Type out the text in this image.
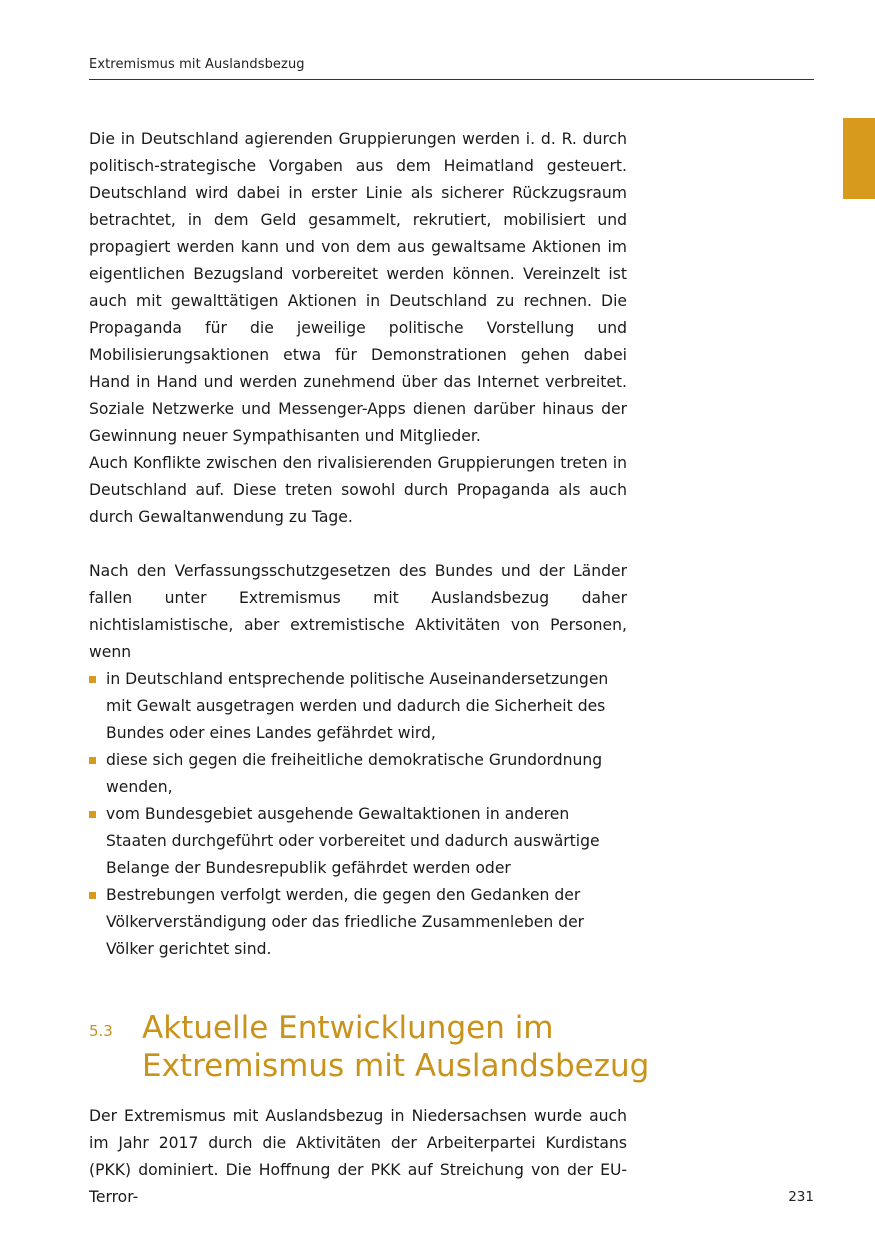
Extremismus mit Auslandsbezug

Die in Deutschland agierenden Gruppierungen werden i. d. R. durch politisch-strategische Vorgaben aus dem Heimatland gesteuert. Deutschland wird dabei in erster Linie als sicherer Rückzugsraum betrachtet, in dem Geld gesammelt, rekrutiert, mobilisiert und propagiert werden kann und von dem aus gewaltsame Aktionen im eigentlichen Bezugsland vorbereitet werden können. Vereinzelt ist auch mit gewalttätigen Aktionen in Deutschland zu rechnen. Die Propaganda für die jeweilige politische Vorstellung und Mobilisierungsaktionen etwa für Demonstrationen gehen dabei Hand in Hand und werden zunehmend über das Internet verbreitet. Soziale Netzwerke und Messenger-Apps dienen darüber hinaus der Gewinnung neuer Sympathisanten und Mitglieder.

Auch Konflikte zwischen den rivalisierenden Gruppierungen treten in Deutschland auf. Diese treten sowohl durch Propaganda als auch durch Gewaltanwendung zu Tage.

Nach den Verfassungsschutzgesetzen des Bundes und der Länder fallen unter Extremismus mit Auslandsbezug daher nichtislamistische, aber extremistische Aktivitäten von Personen, wenn

in Deutschland entsprechende politische Auseinandersetzungen mit Gewalt ausgetragen werden und dadurch die Sicherheit des Bundes oder eines Landes gefährdet wird,
diese sich gegen die freiheitliche demokratische Grundordnung wenden,
vom Bundesgebiet ausgehende Gewaltaktionen in anderen Staaten durchgeführt oder vorbereitet und dadurch auswärtige Belange der Bundesrepublik gefährdet werden oder
Bestrebungen verfolgt werden, die gegen den Gedanken der Völkerverständigung oder das friedliche Zusammenleben der Völker gerichtet sind.
5.3 Aktuelle Entwicklungen im Extremismus mit Auslandsbezug

Der Extremismus mit Auslandsbezug in Niedersachsen wurde auch im Jahr 2017 durch die Aktivitäten der Arbeiterpartei Kurdistans (PKK) dominiert. Die Hoffnung der PKK auf Streichung von der EU-Terror-	231
